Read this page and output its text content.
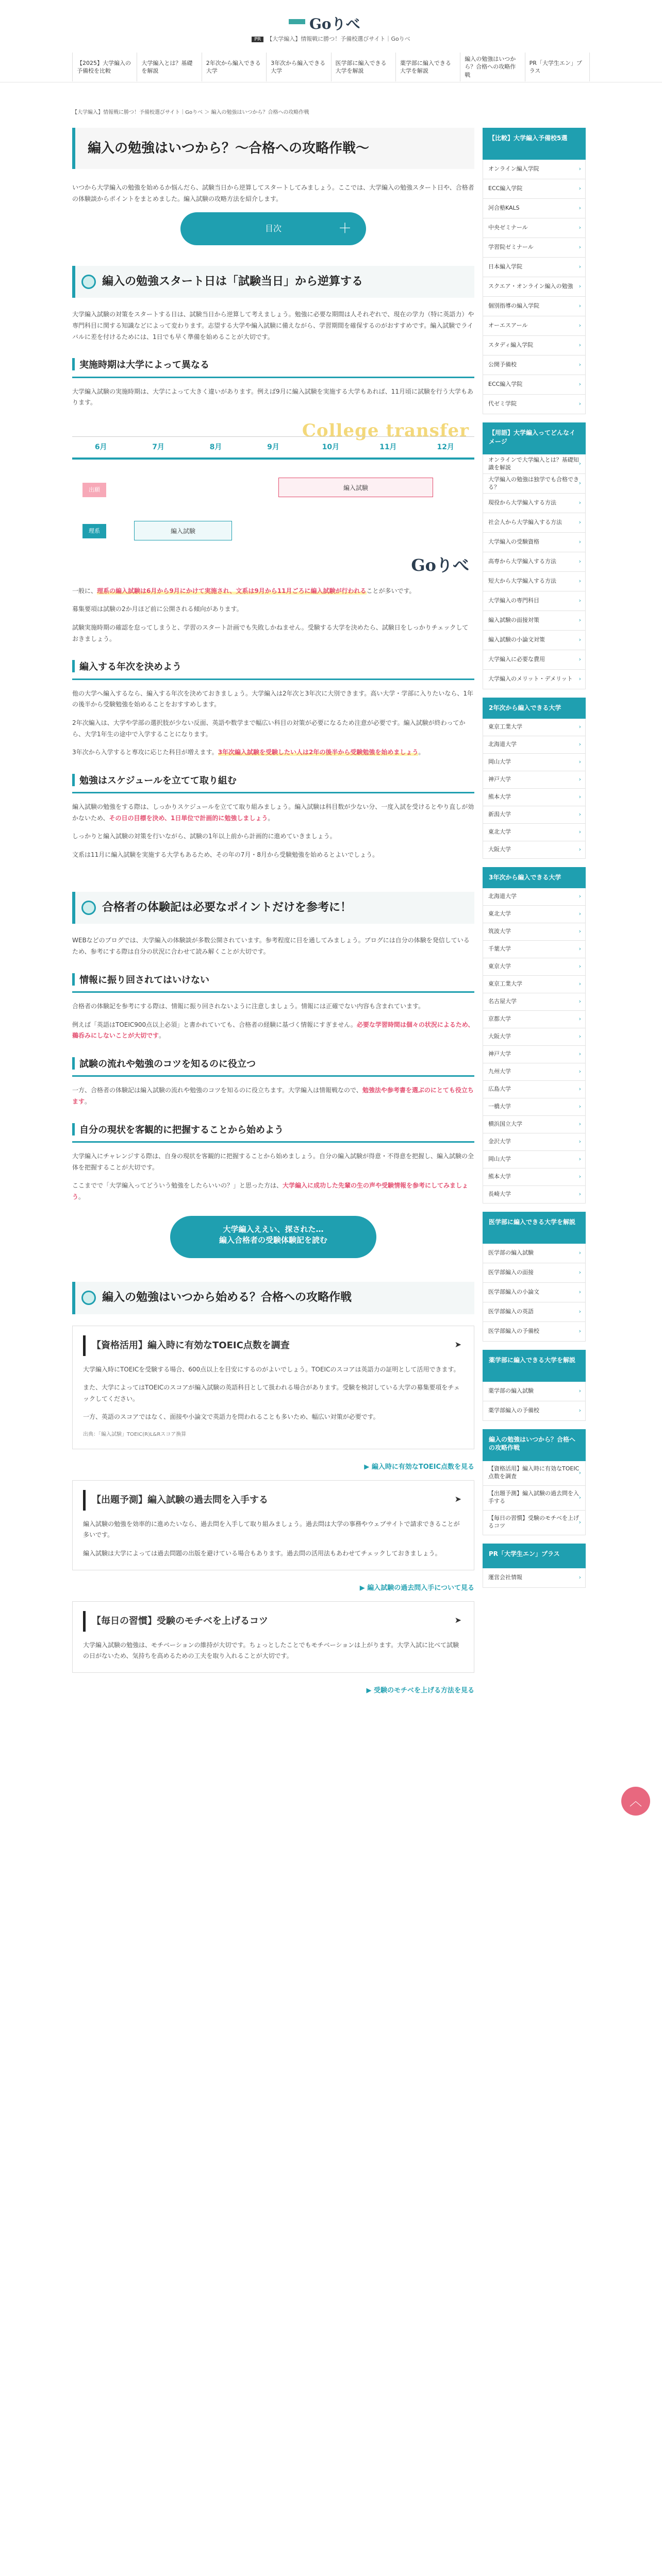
Goりべ
PR 【大学編入】情報戦に勝つ！予備校選びサイト｜Goりべ
【2025】大学編入の予備校を比較
大学編入とは？基礎を解説
2年次から編入できる大学
3年次から編入できる大学
医学部に編入できる大学を解説
薬学部に編入できる大学を解説
編入の勉強はいつから？合格への攻略作戦
PR「大学生エン」プラス
【大学編入】情報戦に勝つ！予備校選びサイト｜Goりべ ＞ 編入の勉強はいつから？合格への攻略作戦
編入の勉強はいつから？～合格への攻略作戦～

いつから大学編入の勉強を始めるか悩んだら、試験当日から逆算してスタートしてみましょう。ここでは、大学編入の勉強スタート日や、合格者の体験談からポイントをまとめました。編入試験の攻略方法を紹介します。

目次	＋
編入の勉強スタート日は「試験当日」から逆算する

大学編入試験の対策をスタートする日は、試験当日から逆算して考えましょう。勉強に必要な期間は人それぞれで、現在の学力（特に英語力）や専門科目に関する知識などによって変わります。志望する大学や編入試験に備えながら、学習期間を確保するのがおすすめです。編入試験でライバルに差を付けるためには、1日でも早く準備を始めることが大切です。

実施時期は大学によって異なる

大学編入試験の実施時期は、大学によって大きく違いがあります。例えば9月に編入試験を実施する大学もあれば、11月頃に試験を行う大学もあります。

College transfer
6月	7月	8月	9月	10月	11月	12月
出願	編入試験
理系	編入試験
Goりべ

一般に、理系の編入試験は6月から9月にかけて実施され、文系は9月から11月ごろに編入試験が行われることが多いです。

募集要項は試験の2か月ほど前に公開される傾向があります。

試験実施時期の確認を怠ってしまうと、学習のスタート計画でも失敗しかねません。受験する大学を決めたら、試験日をしっかりチェックしておきましょう。

編入する年次を決めよう

他の大学へ編入するなら、編入する年次を決めておきましょう。大学編入は2年次と3年次に大別できます。高い大学・学部に入りたいなら、1年の後半から受験勉強を始めることをおすすめします。

2年次編入は、大学や学部の選択肢が少ない反面、英語や数学まで幅広い科目の対策が必要になるため注意が必要です。編入試験が終わってから、大学1年生の途中で入学することになります。

3年次から入学すると専攻に応じた科目が増えます。3年次編入試験を受験したい人は2年の後半から受験勉強を始めましょう。

勉強はスケジュールを立てて取り組む

編入試験の勉強をする際は、しっかりスケジュールを立てて取り組みましょう。編入試験は科目数が少ない分、一度入試を受けるとやり直しが効かないため、その日の目標を決め、1日単位で計画的に勉強しましょう。

しっかりと編入試験の対策を行いながら、試験の1年以上前から計画的に進めていきましょう。

文系は11月に編入試験を実施する大学もあるため、その年の7月・8月から受験勉強を始めるとよいでしょう。

合格者の体験記は必要なポイントだけを参考に！

WEBなどのブログでは、大学編入の体験談が多数公開されています。参考程度に目を通してみましょう。ブログには自分の体験を発信しているため、参考にする際は自分の状況に合わせて読み解くことが大切です。

情報に振り回されてはいけない

合格者の体験記を参考にする際は、情報に振り回されないように注意しましょう。情報には正確でない内容も含まれています。

例えば「英語はTOEIC900点以上必須」と書かれていても、合格者の経験に基づく情報にすぎません。必要な学習時間は個々の状況によるため、鵜呑みにしないことが大切です。

試験の流れや勉強のコツを知るのに役立つ

一方、合格者の体験記は編入試験の流れや勉強のコツを知るのに役立ちます。大学編入は情報戦なので、勉強法や参考書を選ぶのにとても役立ちます。

自分の現状を客観的に把握することから始めよう

大学編入にチャレンジする際は、自身の現状を客観的に把握することから始めましょう。自分の編入試験が得意・不得意を把握し、編入試験の全体を把握することが大切です。

ここまでで「大学編入ってどういう勉強をしたらいいの？」と思った方は、大学編入に成功した先輩の生の声や受験情報を参考にしてみましょう。

大学編入ええい、探された…
編入合格者の受験体験記を読む
編入の勉強はいつから始める？合格への攻略作戦
【資格活用】編入時に有効なTOEIC点数を調査	➤

大学編入時にTOEICを受験する場合、600点以上を目安にするのがよいでしょう。TOEICのスコアは英語力の証明として活用できます。

また、大学によってはTOEICのスコアが編入試験の英語科目として扱われる場合があります。受験を検討している大学の募集要項をチェックしてください。

一方、英語のスコアではなく、面接や小論文で英語力を問われることも多いため、幅広い対策が必要です。

出典：「編入試験」TOEIC(R)L&Rスコア換算

▶ 編入時に有効なTOEIC点数を見る

【出題予測】編入試験の過去問を入手する	➤

編入試験の勉強を効率的に進めたいなら、過去問を入手して取り組みましょう。過去問は大学の事務やウェブサイトで請求できることが多いです。

編入試験は大学によっては過去問題の出版を避けている場合もあります。過去問の活用法もあわせてチェックしておきましょう。

▶ 編入試験の過去問入手について見る

【毎日の習慣】受験のモチベを上げるコツ	➤

大学編入試験の勉強は、モチベーションの維持が大切です。ちょっとしたことでもモチベーションは上がります。大学入試に比べて試験の日がないため、気持ちを高めるための工夫を取り入れることが大切です。

▶ 受験のモチベを上げる方法を見る

【比較】大学編入予備校5選
オンライン編入学院 ›
ECC編入学院 ›
河合塾KALS ›
中央ゼミナール ›
学習院ゼミナール ›
日本編入学院 ›
スクエア・オンライン編入の勉強 ›
個別指導の編入学院 ›
オーエスアール ›
スタディ編入学院 ›
公開予備校 ›
ECC編入学院 ›
代ゼミ学院 ›
【用語】大学編入ってどんなイメージ
オンラインで大学編入とは？基礎知識を解説 ›
大学編入の勉強は独学でも合格できる？ ›
現役から大学編入する方法 ›
社会人から大学編入する方法 ›
大学編入の受験資格 ›
高専から大学編入する方法 ›
短大から大学編入する方法 ›
大学編入の専門科目 ›
編入試験の面接対策 ›
編入試験の小論文対策 ›
大学編入に必要な費用 ›
大学編入のメリット・デメリット ›
2年次から編入できる大学
東京工業大学 ›
北海道大学 ›
岡山大学 ›
神戸大学 ›
熊本大学 ›
新潟大学 ›
東北大学 ›
大阪大学 ›
3年次から編入できる大学
北海道大学 ›
東北大学 ›
筑波大学 ›
千葉大学 ›
東京大学 ›
東京工業大学 ›
名古屋大学 ›
京都大学 ›
大阪大学 ›
神戸大学 ›
九州大学 ›
広島大学 ›
一橋大学 ›
横浜国立大学 ›
金沢大学 ›
岡山大学 ›
熊本大学 ›
長崎大学 ›
医学部に編入できる大学を解説
医学部の編入試験 ›
医学部編入の面接 ›
医学部編入の小論文 ›
医学部編入の英語 ›
医学部編入の予備校 ›
薬学部に編入できる大学を解説
薬学部の編入試験 ›
薬学部編入の予備校 ›
編入の勉強はいつから？合格への攻略作戦
【資格活用】編入時に有効なTOEIC点数を調査 ›
【出題予測】編入試験の過去問を入手する ›
【毎日の習慣】受験のモチベを上げるコツ ›
PR「大学生エン」プラス
運営会社情報 ›
︿
